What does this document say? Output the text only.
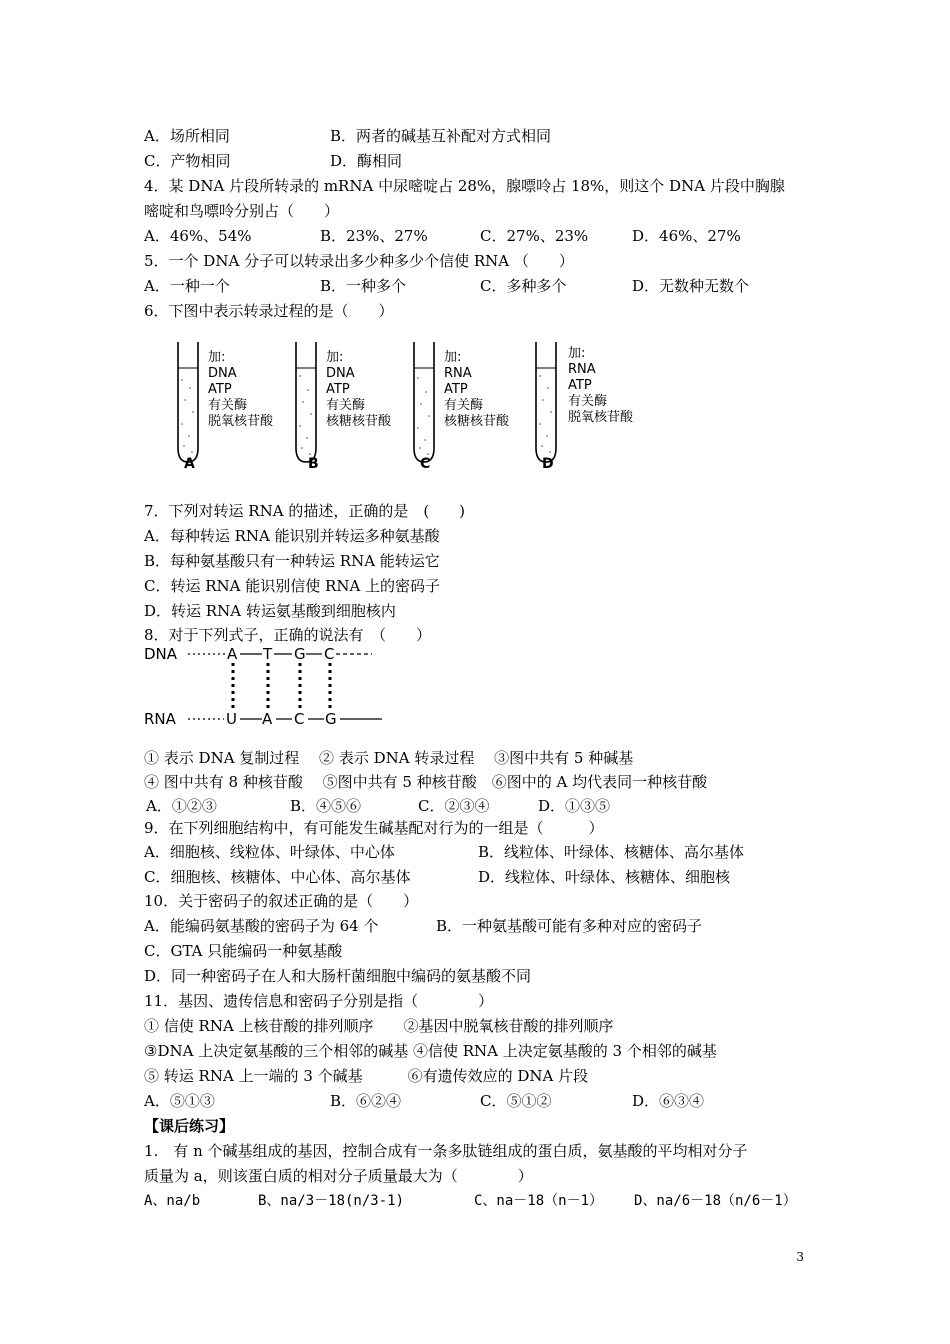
A．场所相同	B．两者的碱基互补配对方式相同
C．产物相同	D．酶相同
4．某 DNA 片段所转录的 mRNA 中尿嘧啶占 28%，腺嘌呤占 18%，则这个 DNA 片段中胸腺
嘧啶和鸟嘌呤分别占（　　）
A．46%、54%	B．23%、27%	C．27%、23%	D．46%、27%
5．一个 DNA 分子可以转录出多少种多少个信使 RNA （　　）
A．一种一个	B．一种多个	C．多种多个	D．无数种无数个
6．下图中表示转录过程的是（　　）
加:
DNA
ATP
有关酶
脱氧核苷酸
加:
DNA
ATP
有关酶
核糖核苷酸
加:
RNA
ATP
有关酶
核糖核苷酸
加:
RNA
ATP
有关酶
脱氧核苷酸
A	B	C	D
7．下列对转运 RNA 的描述，正确的是　(　　)
A．每种转运 RNA 能识别并转运多种氨基酸
B．每种氨基酸只有一种转运 RNA 能转运它
C．转运 RNA 能识别信使 RNA 上的密码子
D．转运 RNA 转运氨基酸到细胞核内
8．对于下列式子，正确的说法有　（　　）
DNA	A T G C
RNA	U A C G
① 表示 DNA 复制过程　 ② 表示 DNA 转录过程　 ③图中共有 5 种碱基
④ 图中共有 8 种核苷酸　 ⑤图中共有 5 种核苷酸　⑥图中的 A 均代表同一种核苷酸
A．①②③	B．④⑤⑥	C．②③④	D．①③⑤
9．在下列细胞结构中，有可能发生碱基配对行为的一组是（　　　）
A．细胞核、线粒体、叶绿体、中心体	B．线粒体、叶绿体、核糖体、高尔基体
C．细胞核、核糖体、中心体、高尔基体	D．线粒体、叶绿体、核糖体、细胞核
10．关于密码子的叙述正确的是（　　）
A．能编码氨基酸的密码子为 64 个	B．一种氨基酸可能有多种对应的密码子
C．GTA 只能编码一种氨基酸
D．同一种密码子在人和大肠杆菌细胞中编码的氨基酸不同
11．基因、遗传信息和密码子分别是指（　　　　）
① 信使 RNA 上核苷酸的排列顺序　　②基因中脱氧核苷酸的排列顺序
③DNA 上决定氨基酸的三个相邻的碱基 ④信使 RNA 上决定氨基酸的 3 个相邻的碱基
⑤ 转运 RNA 上一端的 3 个碱基　　　⑥有遗传效应的 DNA 片段
A．⑤①③	B．⑥②④	C．⑤①②	D．⑥③④
【课后练习】
1.　有 n 个碱基组成的基因，控制合成有一条多肽链组成的蛋白质，氨基酸的平均相对分子
质量为 a，则该蛋白质的相对分子质量最大为（　　　　）
A、na/b	B、na/3－18(n/3-1)	C、na－18（n－1） D、na/6－18（n/6－1）
3
